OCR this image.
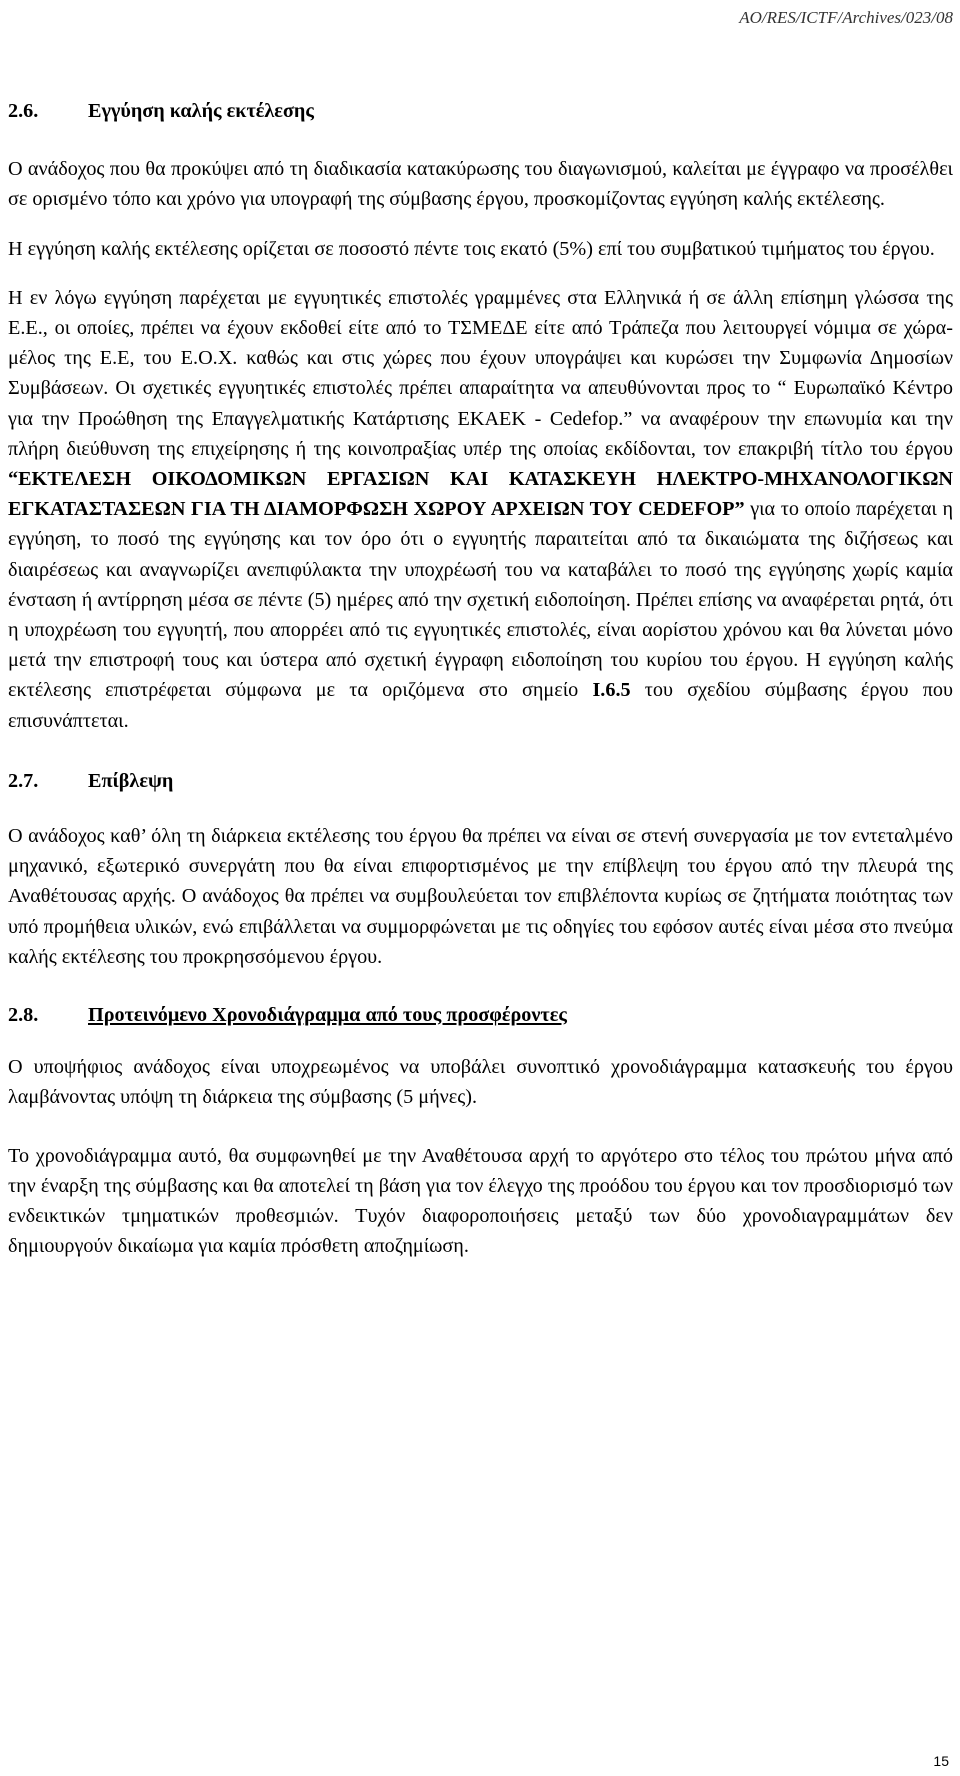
AO/RES/ICTF/Archives/023/08
2.6. Εγγύηση καλής εκτέλεσης
Ο ανάδοχος που θα προκύψει από τη διαδικασία κατακύρωσης του διαγωνισμού, καλείται με έγγραφο να προσέλθει σε ορισμένο τόπο και χρόνο για υπογραφή της σύμβασης έργου, προσκομίζοντας εγγύηση καλής εκτέλεσης.
Η εγγύηση καλής εκτέλεσης ορίζεται σε ποσοστό πέντε τοις εκατό (5%) επί του συμβατικού τιμήματος του έργου.
Η εν λόγω εγγύηση παρέχεται με εγγυητικές επιστολές γραμμένες στα Ελληνικά ή σε άλλη επίσημη γλώσσα της Ε.Ε., οι οποίες, πρέπει να έχουν εκδοθεί είτε από το ΤΣΜΕΔΕ είτε από Τράπεζα που λειτουργεί νόμιμα σε χώρα-μέλος της Ε.Ε, του Ε.Ο.Χ. καθώς και στις χώρες που έχουν υπογράψει και κυρώσει την Συμφωνία Δημοσίων Συμβάσεων. Οι σχετικές εγγυητικές επιστολές πρέπει απαραίτητα να απευθύνονται προς το “ Ευρωπαϊκό Κέντρο για την Προώθηση της Επαγγελματικής Κατάρτισης ΕΚΑΕΚ - Cedefop.” να αναφέρουν την επωνυμία και την πλήρη διεύθυνση της επιχείρησης ή της κοινοπραξίας υπέρ της οποίας εκδίδονται, τον επακριβή τίτλο του έργου “ΕΚΤΕΛΕΣΗ ΟΙΚΟΔΟΜΙΚΩΝ ΕΡΓΑΣΙΩΝ ΚΑΙ ΚΑΤΑΣΚΕΥΗ ΗΛΕΚΤΡΟ-ΜΗΧΑΝΟΛΟΓΙΚΩΝ ΕΓΚΑΤΑΣΤΑΣΕΩΝ ΓΙΑ ΤΗ ΔΙΑΜΟΡΦΩΣΗ ΧΩΡΟΥ ΑΡΧΕΙΩΝ ΤΟΥ CEDEFOP” για το οποίο παρέχεται η εγγύηση, το ποσό της εγγύησης και τον όρο ότι ο εγγυητής παραιτείται από τα δικαιώματα της διζήσεως και διαιρέσεως και αναγνωρίζει ανεπιφύλακτα την υποχρέωσή του να καταβάλει το ποσό της εγγύησης χωρίς καμία ένσταση ή αντίρρηση μέσα σε πέντε (5) ημέρες από την σχετική ειδοποίηση. Πρέπει επίσης να αναφέρεται ρητά, ότι η υποχρέωση του εγγυητή, που απορρέει από τις εγγυητικές επιστολές, είναι αορίστου χρόνου και θα λύνεται μόνο μετά την επιστροφή τους και ύστερα από σχετική έγγραφη ειδοποίηση του κυρίου του έργου. Η εγγύηση καλής εκτέλεσης επιστρέφεται σύμφωνα με τα οριζόμενα στο σημείο Ι.6.5 του σχεδίου σύμβασης έργου που επισυνάπτεται.
2.7. Επίβλεψη
Ο ανάδοχος καθ’ όλη τη διάρκεια εκτέλεσης του έργου θα πρέπει να είναι σε στενή συνεργασία με τον εντεταλμένο μηχανικό, εξωτερικό συνεργάτη που θα είναι επιφορτισμένος με την επίβλεψη του έργου από την πλευρά της Αναθέτουσας αρχής. Ο ανάδοχος θα πρέπει να συμβουλεύεται τον επιβλέποντα κυρίως σε ζητήματα ποιότητας των υπό προμήθεια υλικών, ενώ επιβάλλεται να συμμορφώνεται με τις οδηγίες του εφόσον αυτές είναι μέσα στο πνεύμα καλής εκτέλεσης του προκρησσόμενου έργου.
2.8. Προτεινόμενο Χρονοδιάγραμμα από τους προσφέροντες
Ο υποψήφιος ανάδοχος είναι υποχρεωμένος να υποβάλει συνοπτικό χρονοδιάγραμμα κατασκευής του έργου λαμβάνοντας υπόψη τη διάρκεια της σύμβασης (5 μήνες).
Το χρονοδιάγραμμα αυτό, θα συμφωνηθεί με την Αναθέτουσα αρχή το αργότερο στο τέλος του πρώτου μήνα από την έναρξη της σύμβασης και θα αποτελεί τη βάση για τον έλεγχο της προόδου του έργου και τον προσδιορισμό των ενδεικτικών τμηματικών προθεσμιών. Τυχόν διαφοροποιήσεις μεταξύ των δύο χρονοδιαγραμμάτων δεν δημιουργούν δικαίωμα για καμία πρόσθετη αποζημίωση.
15
